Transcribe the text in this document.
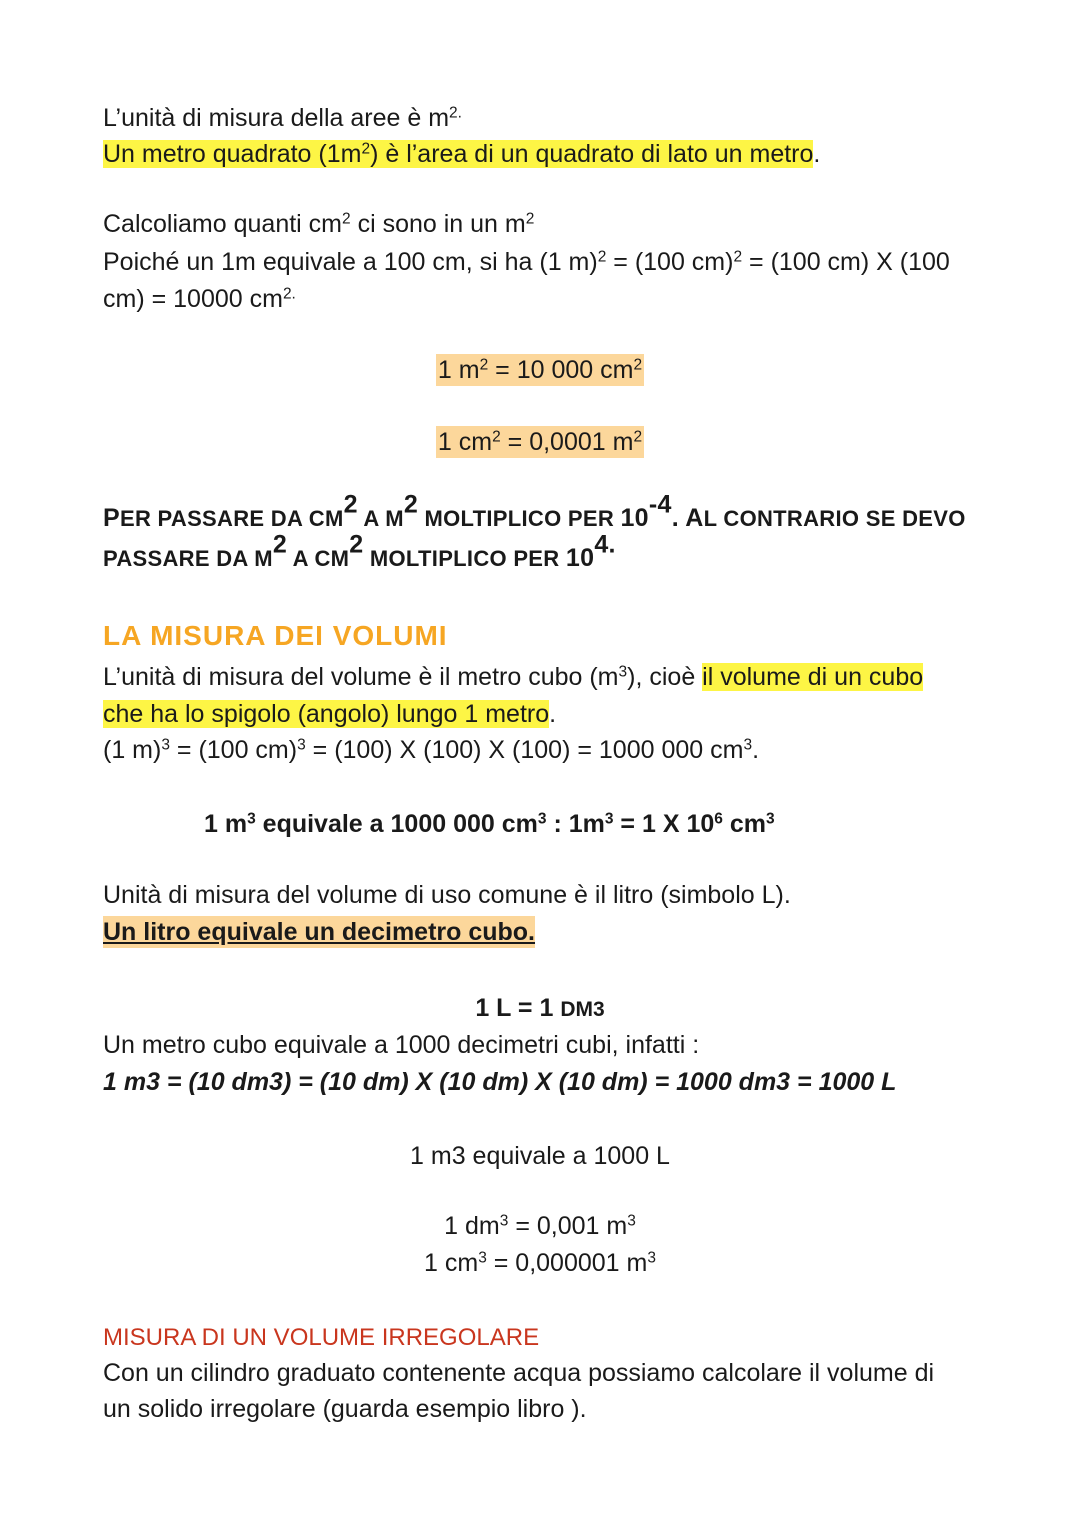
L’unità di misura della aree è $m^{2.}$
Un metro quadrato $(1m^2)$ è l’area di un quadrato di lato un metro.
Calcoliamo quanti $cm^2$ ci sono in un $m^2$
Poiché un 1m equivale a 100 cm, si ha (1 m)$^2$ = (100 cm)$^2$ = (100 cm) X (100
cm) = 10000 $cm^{2.}$
1 $m^2 = 10$ 000 $cm^2$
1 $cm^2 = 0,0001$ $m^2$
PER PASSARE DA $CM^2$ A $M^2$ MOLTIPLICO PER $10^{-4}$. AL CONTRARIO SE DEVO
PASSARE DA $M^2$ A $CM^2$ MOLTIPLICO PER $10^{4.}$
LA MISURA DEI VOLUMI
L’unità di misura del volume è il metro cubo $(m^3)$, cioè il volume di un cubo
che ha lo spigolo (angolo) lungo 1 metro.
(1 m)$^3$ = (100 cm)$^3$ = (100) X (100) X (100) = 1000 000 $cm^3$.
1 $m^3$ equivale a 1000 000 $cm^3$ : $1m^3 = 1$ X $10^6$ $cm^3$
Unità di misura del volume di uso comune è il litro (simbolo L).
Un litro equivale un decimetro cubo.
1 L = 1 DM3
Un metro cubo equivale a 1000 decimetri cubi, infatti :
1 m3 = (10 dm3) = (10 dm) X (10 dm) X (10 dm) = 1000 dm3 = 1000 L
1 m3 equivale a 1000 L
1 $dm^3 = 0,001$ $m^3$
1 $cm^3 = 0,000001$ $m^3$
MISURA DI UN VOLUME IRREGOLARE
Con un cilindro graduato contenente acqua possiamo calcolare il volume di
un solido irregolare (guarda esempio libro ).
